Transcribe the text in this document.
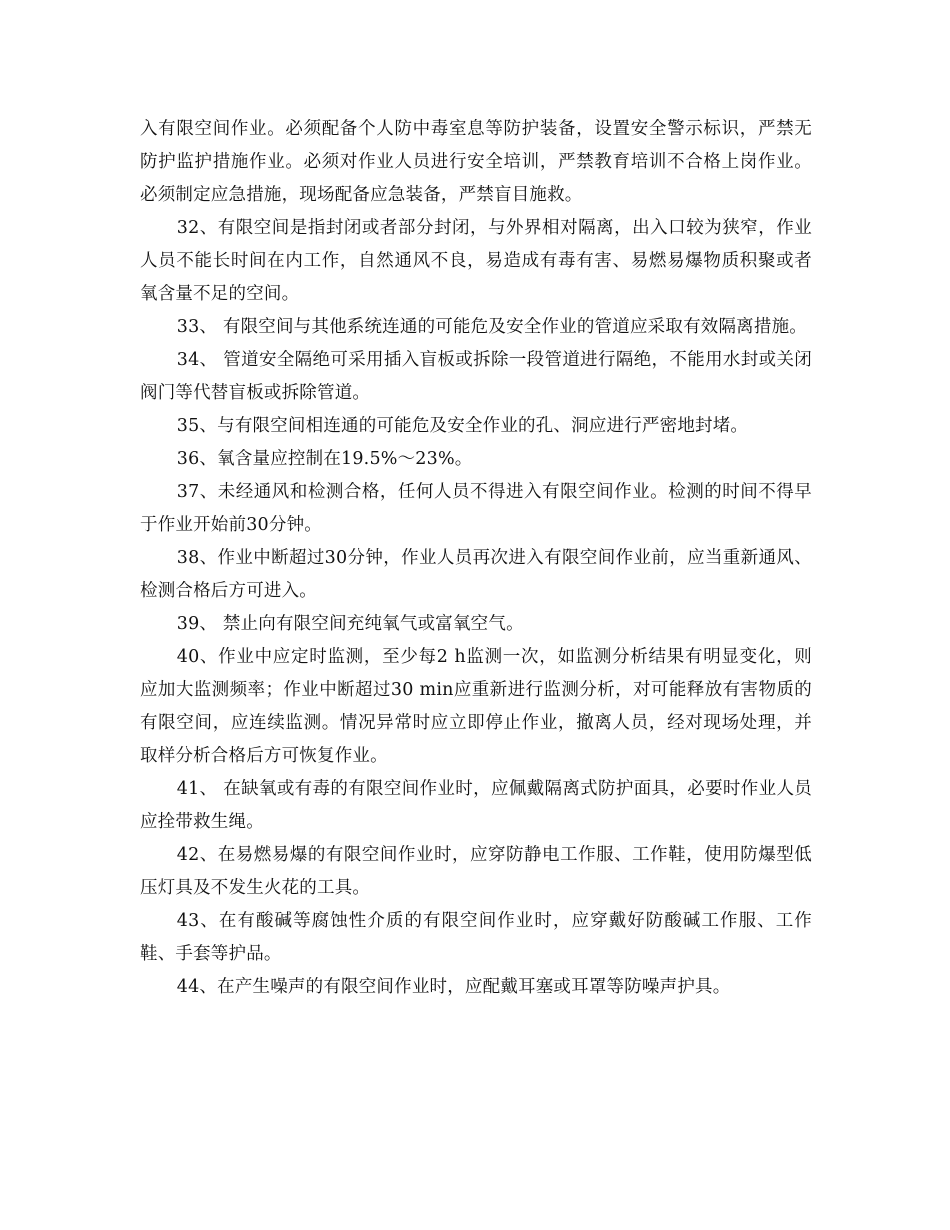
入有限空间作业。必须配备个人防中毒室息等防护装备，设置安全警示标识，严禁无防护监护措施作业。必须对作业人员进行安全培训，严禁教育培训不合格上岗作业。必须制定应急措施，现场配备应急装备，严禁盲目施救。

32、有限空间是指封闭或者部分封闭，与外界相对隔离，出入口较为狭窄，作业人员不能长时间在内工作，自然通风不良，易造成有毒有害、易燃易爆物质积聚或者氧含量不足的空间。

33、 有限空间与其他系统连通的可能危及安全作业的管道应采取有效隔离措施。

34、 管道安全隔绝可采用插入盲板或拆除一段管道进行隔绝，不能用水封或关闭阀门等代替盲板或拆除管道。

35、与有限空间相连通的可能危及安全作业的孔、洞应进行严密地封堵。

36、氧含量应控制在19.5%～23%。

37、未经通风和检测合格，任何人员不得进入有限空间作业。检测的时间不得早于作业开始前30分钟。

38、作业中断超过30分钟，作业人员再次进入有限空间作业前，应当重新通风、检测合格后方可进入。

39、 禁止向有限空间充纯氧气或富氧空气。

40、作业中应定时监测，至少每2 h监测一次，如监测分析结果有明显变化，则应加大监测频率；作业中断超过30 min应重新进行监测分析，对可能释放有害物质的有限空间，应连续监测。情况异常时应立即停止作业，撤离人员，经对现场处理，并取样分析合格后方可恢复作业。

41、 在缺氧或有毒的有限空间作业时，应佩戴隔离式防护面具，必要时作业人员应拴带救生绳。

42、在易燃易爆的有限空间作业时，应穿防静电工作服、工作鞋，使用防爆型低压灯具及不发生火花的工具。

43、在有酸碱等腐蚀性介质的有限空间作业时，应穿戴好防酸碱工作服、工作鞋、手套等护品。

44、在产生噪声的有限空间作业时，应配戴耳塞或耳罩等防噪声护具。
